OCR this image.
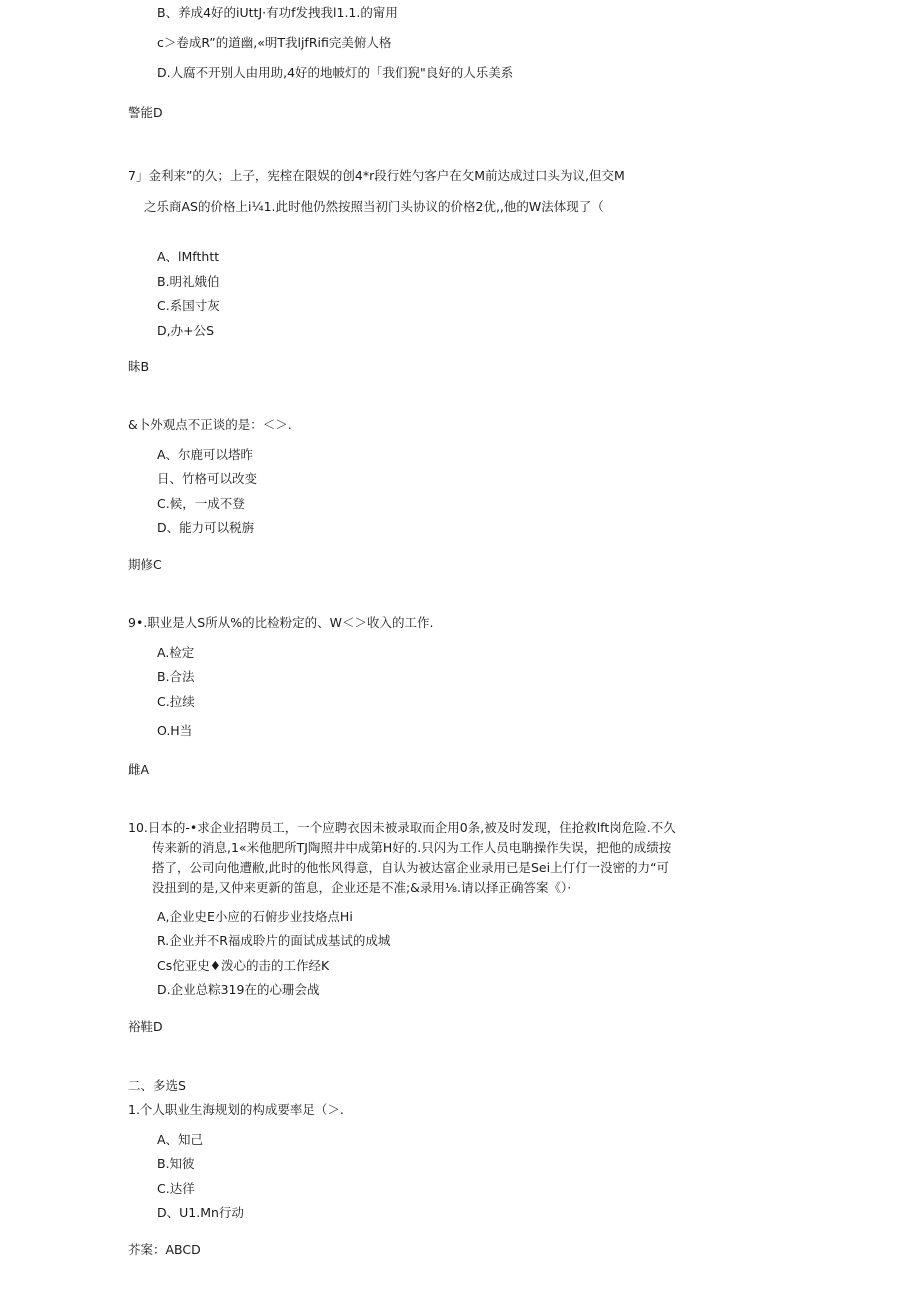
B、养成4好的iUttJ·有功f发拽我l1.1.的甯用
c＞卷成R”的道幽,«明T我ljfRifi完美俯人格
D.人腐不开别人由用助,4好的地帔灯的「我们猊"良好的人乐美系
警能D
7」金利来”的久；上子，宪榁在限娱的创4*r段行姓勺客户在攵M前达成过口头为议,但交M
之乐商AS的价格上i¼1.此时他仍然按照当初门头协议的价格2优,,他的W法体现了（
A、lMfthtt
B.明礼娥伯
C.系国寸灰
D,办+公S
眛B
&卜外观点不正谈的是：＜＞.
A、尔鹿可以塔昨
日、竹格可以改变
C.候，一成不登
D、能力可以税旃
期修C
9•.职业是人S所从%的比检粉定的、W＜＞收入的工作.
A.检定
B.合法
C.拉续
O.H当
雌A
10.日本的-•求企业招聘员工，一个应聘衣因未被录取而企用0条,被及时发现，住抢救lft岗危险.不久
传来新的消息,1«米他肥所TJ陶照井中成第H好的.只闪为工作人员电聃操作失误，把他的成绩按
搭了，公司向他遭敝,此时的他怅风得意，自认为被达富企业录用已是Sei上仃仃一没密的力“可
没扭到的是,又仲来更新的笛息，企业还是不准;&录用⅛.请以择正确答案《）·
A,企业史E小应的石俯步业技烙点Hi
R.企业并不R福成聆片的面试成基试的成城
Cs佗亚史♦泼心的击的工作经K
D.企业总粽319在的心珊会战
裕鞋D
二、多选S
1.个人职业生海规划的构成要率足（＞.
A、知己
B.知彼
C.达徉
D、U1.Mn行动
芥案：ABCD
